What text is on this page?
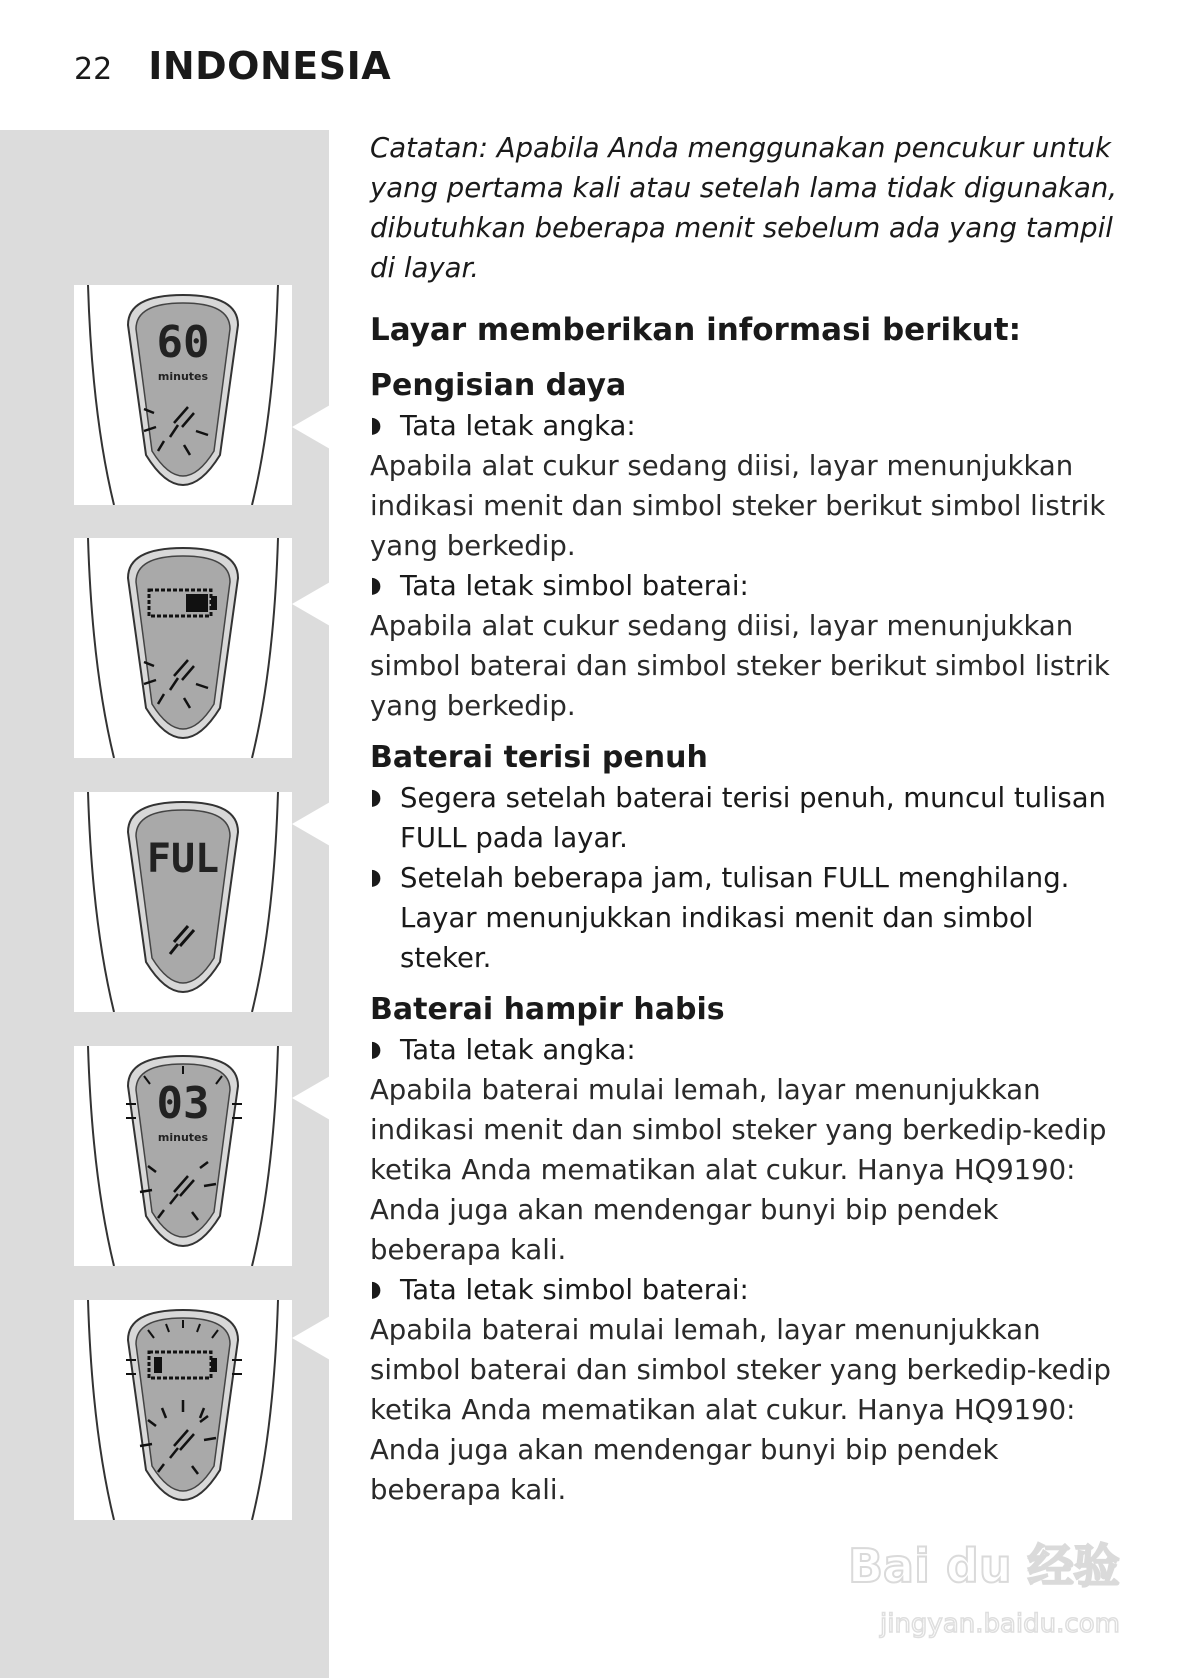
22 INDONESIA
60
minutes
FUL
03
minutes

Catatan: Apabila Anda menggunakan pencukur untuk yang pertama kali atau setelah lama tidak digunakan, dibutuhkan beberapa menit sebelum ada yang tampil di layar.

Layar memberikan informasi berikut:

Pengisian daya

◗ Tata letak angka:

Apabila alat cukur sedang diisi, layar menunjukkan indikasi menit dan simbol steker berikut simbol listrik yang berkedip.

◗ Tata letak simbol baterai:

Apabila alat cukur sedang diisi, layar menunjukkan simbol baterai dan simbol steker berikut simbol listrik yang berkedip.

Baterai terisi penuh

◗ Segera setelah baterai terisi penuh, muncul tulisan FULL pada layar.
◗ Setelah beberapa jam, tulisan FULL menghilang. Layar menunjukkan indikasi menit dan simbol steker.

Baterai hampir habis

◗ Tata letak angka:

Apabila baterai mulai lemah, layar menunjukkan indikasi menit dan simbol steker yang berkedip-kedip ketika Anda mematikan alat cukur. Hanya HQ9190: Anda juga akan mendengar bunyi bip pendek beberapa kali.

◗ Tata letak simbol baterai:

Apabila baterai mulai lemah, layar menunjukkan simbol baterai dan simbol steker yang berkedip-kedip ketika Anda mematikan alat cukur. Hanya HQ9190: Anda juga akan mendengar bunyi bip pendek beberapa kali.

Bai du 经验
jingyan.baidu.com
